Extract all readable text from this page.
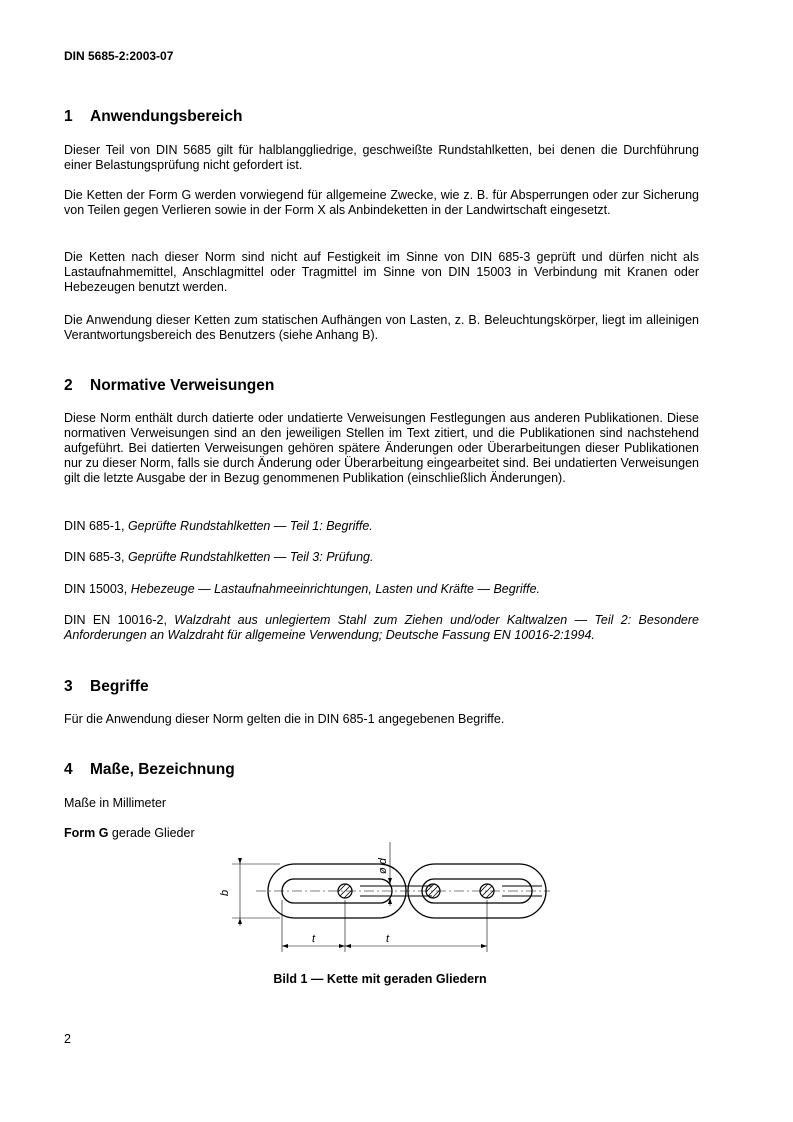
DIN 5685-2:2003-07
1 Anwendungsbereich

Dieser Teil von DIN 5685 gilt für halblanggliedrige, geschweißte Rundstahlketten, bei denen die Durchführung einer Belastungsprüfung nicht gefordert ist.

Die Ketten der Form G werden vorwiegend für allgemeine Zwecke, wie z. B. für Absperrungen oder zur Sicherung von Teilen gegen Verlieren sowie in der Form X als Anbindeketten in der Landwirtschaft eingesetzt.

Die Ketten nach dieser Norm sind nicht auf Festigkeit im Sinne von DIN 685-3 geprüft und dürfen nicht als Lastaufnahmemittel, Anschlagmittel oder Tragmittel im Sinne von DIN 15003 in Verbindung mit Kranen oder Hebezeugen benutzt werden.

Die Anwendung dieser Ketten zum statischen Aufhängen von Lasten, z. B. Beleuchtungskörper, liegt im alleinigen Verantwortungsbereich des Benutzers (siehe Anhang B).

2 Normative Verweisungen

Diese Norm enthält durch datierte oder undatierte Verweisungen Festlegungen aus anderen Publikationen. Diese normativen Verweisungen sind an den jeweiligen Stellen im Text zitiert, und die Publikationen sind nachstehend aufgeführt. Bei datierten Verweisungen gehören spätere Änderungen oder Überarbeitungen dieser Publikationen nur zu dieser Norm, falls sie durch Änderung oder Überarbeitung eingearbeitet sind. Bei undatierten Verweisungen gilt die letzte Ausgabe der in Bezug genommenen Publikation (einschließlich Änderungen).

DIN 685-1, Geprüfte Rundstahlketten — Teil 1: Begriffe.

DIN 685-3, Geprüfte Rundstahlketten — Teil 3: Prüfung.

DIN 15003, Hebezeuge — Lastaufnahmeeinrichtungen, Lasten und Kräfte — Begriffe.

DIN EN 10016-2, Walzdraht aus unlegiertem Stahl zum Ziehen und/oder Kaltwalzen — Teil 2: Besondere Anforderungen an Walzdraht für allgemeine Verwendung; Deutsche Fassung EN 10016-2:1994.

3 Begriffe

Für die Anwendung dieser Norm gelten die in DIN 685-1 angegebenen Begriffe.

4 Maße, Bezeichnung

Maße in Millimeter

Form G gerade Glieder

ø d
b
t	t
Bild 1 — Kette mit geraden Gliedern
2
